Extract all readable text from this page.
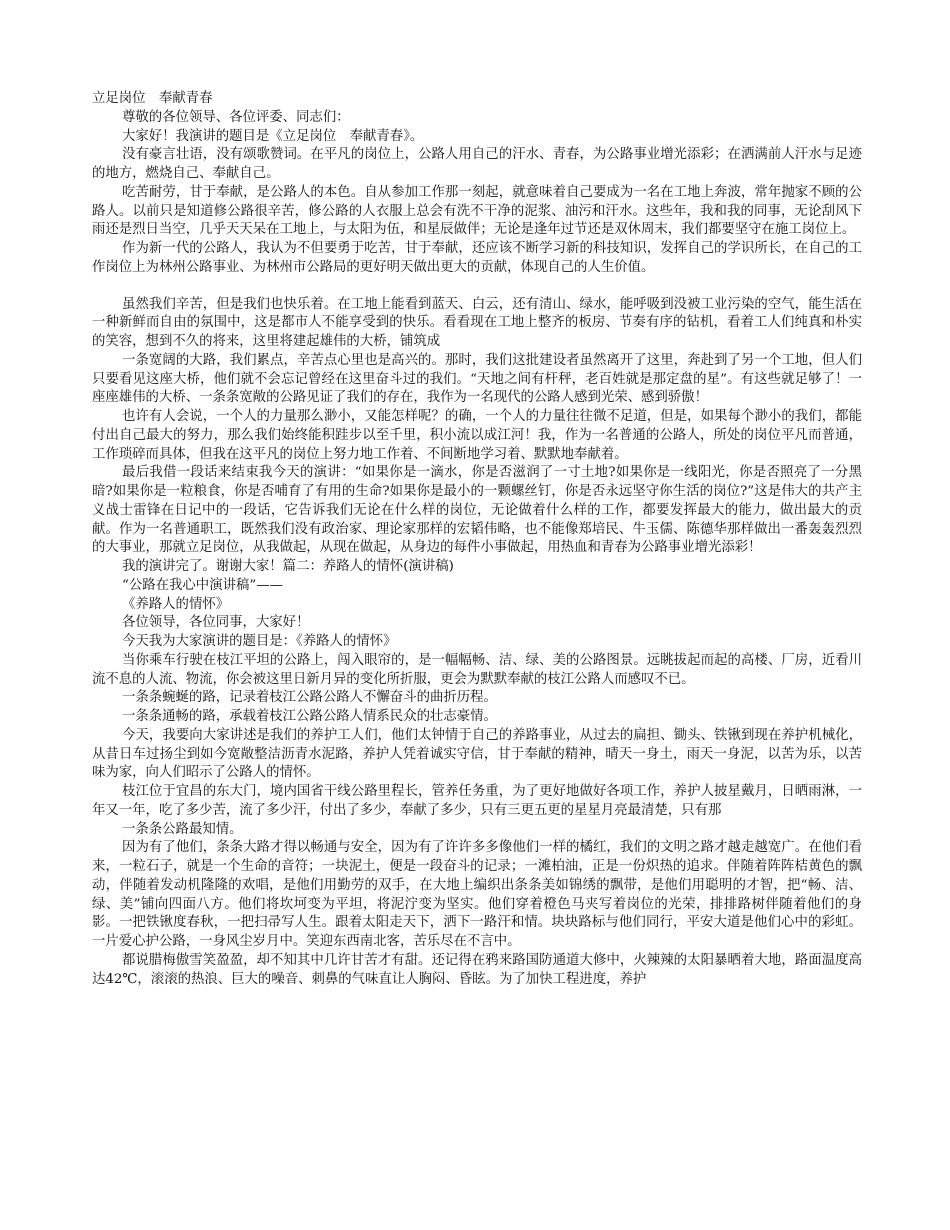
立足岗位　奉献青春

尊敬的各位领导、各位评委、同志们：

大家好！我演讲的题目是《立足岗位　奉献青春》。

没有豪言壮语，没有颂歌赞词。在平凡的岗位上，公路人用自己的汗水、青春，为公路事业增光添彩；在洒满前人汗水与足迹的地方，燃烧自己、奉献自己。

吃苦耐劳，甘于奉献，是公路人的本色。自从参加工作那一刻起，就意味着自己要成为一名在工地上奔波，常年抛家不顾的公路人。以前只是知道修公路很辛苦，修公路的人衣服上总会有洗不干净的泥浆、油污和汗水。这些年，我和我的同事，无论刮风下雨还是烈日当空，几乎天天呆在工地上，与太阳为伍，和星辰做伴；无论是逢年过节还是双休周末，我们都要坚守在施工岗位上。

作为新一代的公路人，我认为不但要勇于吃苦，甘于奉献，还应该不断学习新的科技知识，发挥自己的学识所长，在自己的工作岗位上为林州公路事业、为林州市公路局的更好明天做出更大的贡献，体现自己的人生价值。

虽然我们辛苦，但是我们也快乐着。在工地上能看到蓝天、白云，还有清山、绿水，能呼吸到没被工业污染的空气，能生活在一种新鲜而自由的氛围中，这是都市人不能享受到的快乐。看看现在工地上整齐的板房、节奏有序的钻机，看着工人们纯真和朴实的笑容，想到不久的将来，这里将建起雄伟的大桥，铺筑成

一条宽阔的大路，我们累点，辛苦点心里也是高兴的。那时，我们这批建设者虽然离开了这里，奔赴到了另一个工地，但人们只要看见这座大桥，他们就不会忘记曾经在这里奋斗过的我们。“天地之间有杆秤，老百姓就是那定盘的星”。有这些就足够了！一座座雄伟的大桥、一条条宽敞的公路见证了我们的存在，我作为一名现代的公路人感到光荣、感到骄傲！

也许有人会说，一个人的力量那么渺小，又能怎样呢？的确，一个人的力量往往微不足道，但是，如果每个渺小的我们，都能付出自己最大的努力，那么我们始终能积跬步以至千里，积小流以成江河！我，作为一名普通的公路人，所处的岗位平凡而普通，工作琐碎而具体，但我在这平凡的岗位上努力地工作着、不间断地学习着、默默地奉献着。

最后我借一段话来结束我今天的演讲：“如果你是一滴水，你是否滋润了一寸土地?如果你是一线阳光，你是否照亮了一分黑暗?如果你是一粒粮食，你是否哺育了有用的生命?如果你是最小的一颗螺丝钉，你是否永远坚守你生活的岗位?”这是伟大的共产主义战士雷锋在日记中的一段话，它告诉我们无论在什么样的岗位，无论做着什么样的工作，都要发挥最大的能力，做出最大的贡献。作为一名普通职工，既然我们没有政治家、理论家那样的宏韬伟略，也不能像郑培民、牛玉儒、陈德华那样做出一番轰轰烈烈的大事业，那就立足岗位，从我做起，从现在做起，从身边的每件小事做起，用热血和青春为公路事业增光添彩！

我的演讲完了。谢谢大家！篇二：养路人的情怀(演讲稿)

“公路在我心中演讲稿”——

《养路人的情怀》

各位领导，各位同事，大家好！

今天我为大家演讲的题目是：《养路人的情怀》

当你乘车行驶在枝江平坦的公路上，闯入眼帘的，是一幅幅畅、洁、绿、美的公路图景。远眺拔起而起的高楼、厂房，近看川流不息的人流、物流，你会被这里日新月异的变化所折服，更会为默默奉献的枝江公路人而感叹不已。

一条条蜿蜒的路，记录着枝江公路公路人不懈奋斗的曲折历程。

一条条通畅的路，承载着枝江公路公路人情系民众的壮志豪情。

今天，我要向大家讲述是我们的养护工人们，他们太钟情于自己的养路事业，从过去的扁担、锄头、铁锹到现在养护机械化，从昔日车过扬尘到如今宽敞整洁沥青水泥路，养护人凭着诚实守信，甘于奉献的精神，晴天一身土，雨天一身泥，以苦为乐，以苦味为家，向人们昭示了公路人的情怀。

枝江位于宜昌的东大门，境内国省干线公路里程长，管养任务重，为了更好地做好各项工作，养护人披星戴月，日晒雨淋，一年又一年，吃了多少苦，流了多少汗，付出了多少，奉献了多少，只有三更五更的星星月亮最清楚，只有那

一条条公路最知情。

因为有了他们，条条大路才得以畅通与安全，因为有了许许多多像他们一样的橘红，我们的文明之路才越走越宽广。在他们看来，一粒石子，就是一个生命的音符；一块泥土，便是一段奋斗的记录；一滩柏油，正是一份炽热的追求。伴随着阵阵桔黄色的飘动，伴随着发动机隆隆的欢唱，是他们用勤劳的双手，在大地上编织出条条美如锦绣的飘带，是他们用聪明的才智，把“畅、洁、绿、美”铺向四面八方。他们将坎坷变为平坦，将泥泞变为坚实。他们穿着橙色马夹写着岗位的光荣，排排路树伴随着他们的身影。一把铁锹度春秋，一把扫帚写人生。跟着太阳走天下，洒下一路汗和情。块块路标与他们同行，平安大道是他们心中的彩虹。一片爱心护公路，一身风尘岁月中。笑迎东西南北客，苦乐尽在不言中。

都说腊梅傲雪笑盈盈，却不知其中几许甘苦才有甜。还记得在鸦来路国防通道大修中，火辣辣的太阳暴晒着大地，路面温度高达42℃，滚滚的热浪、巨大的噪音、刺鼻的气味直让人胸闷、昏眩。为了加快工程进度，养护
